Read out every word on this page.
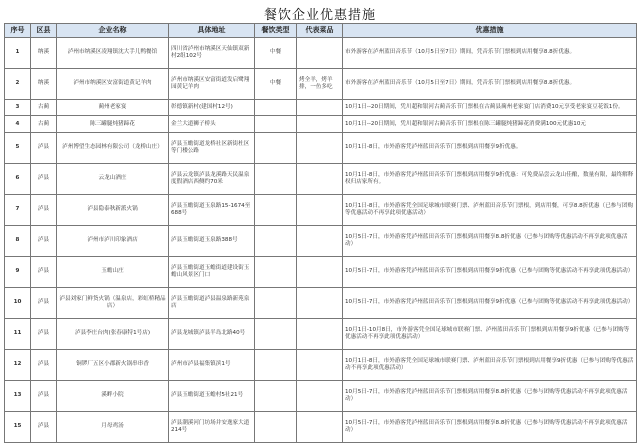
餐饮企业优惠措施
序号	区县	企业名称	具体地址	餐饮类型	代表菜品	优惠措施
1	纳溪	泸州市纳溪区凌翔镇沈大手儿鸭餐馆	四川省泸州市纳溪区天仙镇双新村2组102号	中餐		市外游客在泸州蓝田音乐节（10月5日至7日）期间，凭音乐节门票根到店用餐享8.8折优惠。
2	纳溪	泸州市纳溪区安富街道黄记羊肉	泸州市纳溪区安富街道发启鹭翔园黄记羊肉	中餐	烤全羊，烤羊排，一鱼多吃	市外游客在泸州蓝田音乐节（10月5日至7日）期间，凭音乐节门票根到店用餐享8.8折优惠。
3	古蔺	蔺州老家宴	彰德镇新村(建国村12号)			10月1日--20日期间，凭川超和银河古蔺音乐节门票根在古蔺县蔺州老家宴门店消费10元享受老家宴豆花饭1份。
4	古蔺	陈三罐腿炖猪蹄花	金兰大道狮子桥头			10月1日--20日期间，凭川超和银河古蔺音乐节门票根在陈三罐腿炖猪蹄花消费满100元优惠10元
5	泸县	泸州博望生态园林有限公司（龙桥山庄）	泸县玉蟾街道龙桥社区新街杜区等门楼公路			10月1日-8日，市外游客凭泸州蓝田音乐节门票根到店用餐享9折优惠。
6	泸县	云龙山酒庄	泸县云龙镇泸县龙溪路天民温泉度假酒店西侧约70米			10月1日-8日，市外游客凭泸州蓝田音乐节门票根到店用餐享9折优惠：可免费品尝云龙山佳酿，数量有限，最终解释权归店家所有。
7	泸县	泸县隐泰秋新派火锅	泸县玉蟾街道玉泉路15-1674至688号			10月1日-8日，市外游客凭全国足球城市联赛门票、泸州蓝田音乐节门票根，到店用餐，可享8.8折优惠（已参与团购等优惠活动不再享此项优惠活动）
8	泸县	泸州市泸川印象酒店	泸县玉蟾街道玉泉路388号			10月5日-7日，市外游客凭泸州蓝田音乐节门票根到店用餐享8.8折优惠（已参与团购等优惠活动不再享此项优惠活动）
9	泸县	玉蟾山庄	泸县玉蟾街道玉蟾街道建设街玉蟾山风景区门口			10月5日-7日，市外游客凭泸州蓝田音乐节门票根到店用餐享9折优惠（已参与团购等优惠活动不再享此项优惠活动）
10	泸县	泸县刘家门鲜货火锅（温泉店，彩虹桥精品店）	泸县玉蟾街道泸县温泉路新苑泉店			10月5日-7日，市外游客凭泸州蓝田音乐节门票根到店用餐享9折优惠（已参与团购等优惠活动不再享此项优惠活动）
11	泸县	泸县李庄台肉(张春康特1号店)	泸县龙城镇泸县半岛北路40号			10月1日-10月8日，市外游客凭全国足球城市联赛门票、泸州蓝田音乐节门票根到店用餐享9折优惠（已参与团购等优惠活动不再享此项优惠活动）
12	泸县	铜锣厂五区小郡新火锅串串香	泸州市泸县福集镇滨1号			10月1日-8日，市外游客凭全国足球城市联赛门票、泸州蓝田音乐节门票根到店用餐享9折优惠（已参与团购等优惠活动不再享此项优惠活动）
13	泸县	溪畔小院	泸县玉蟾街道玉蟾村5社21号			10月5日-7日，市外游客凭泸州蓝田音乐节门票根到店用餐享8.8折优惠（已参与团购等优惠活动不再享此项优惠活动）
15	泸县	月母鸡汤	泸县潮溪河门坊场并安逸家大道214号			10月5日-7日，市外游客凭泸州蓝田音乐节门票根到店用餐享8.8折优惠（已参与团购等优惠活动不再享此项优惠活动）
